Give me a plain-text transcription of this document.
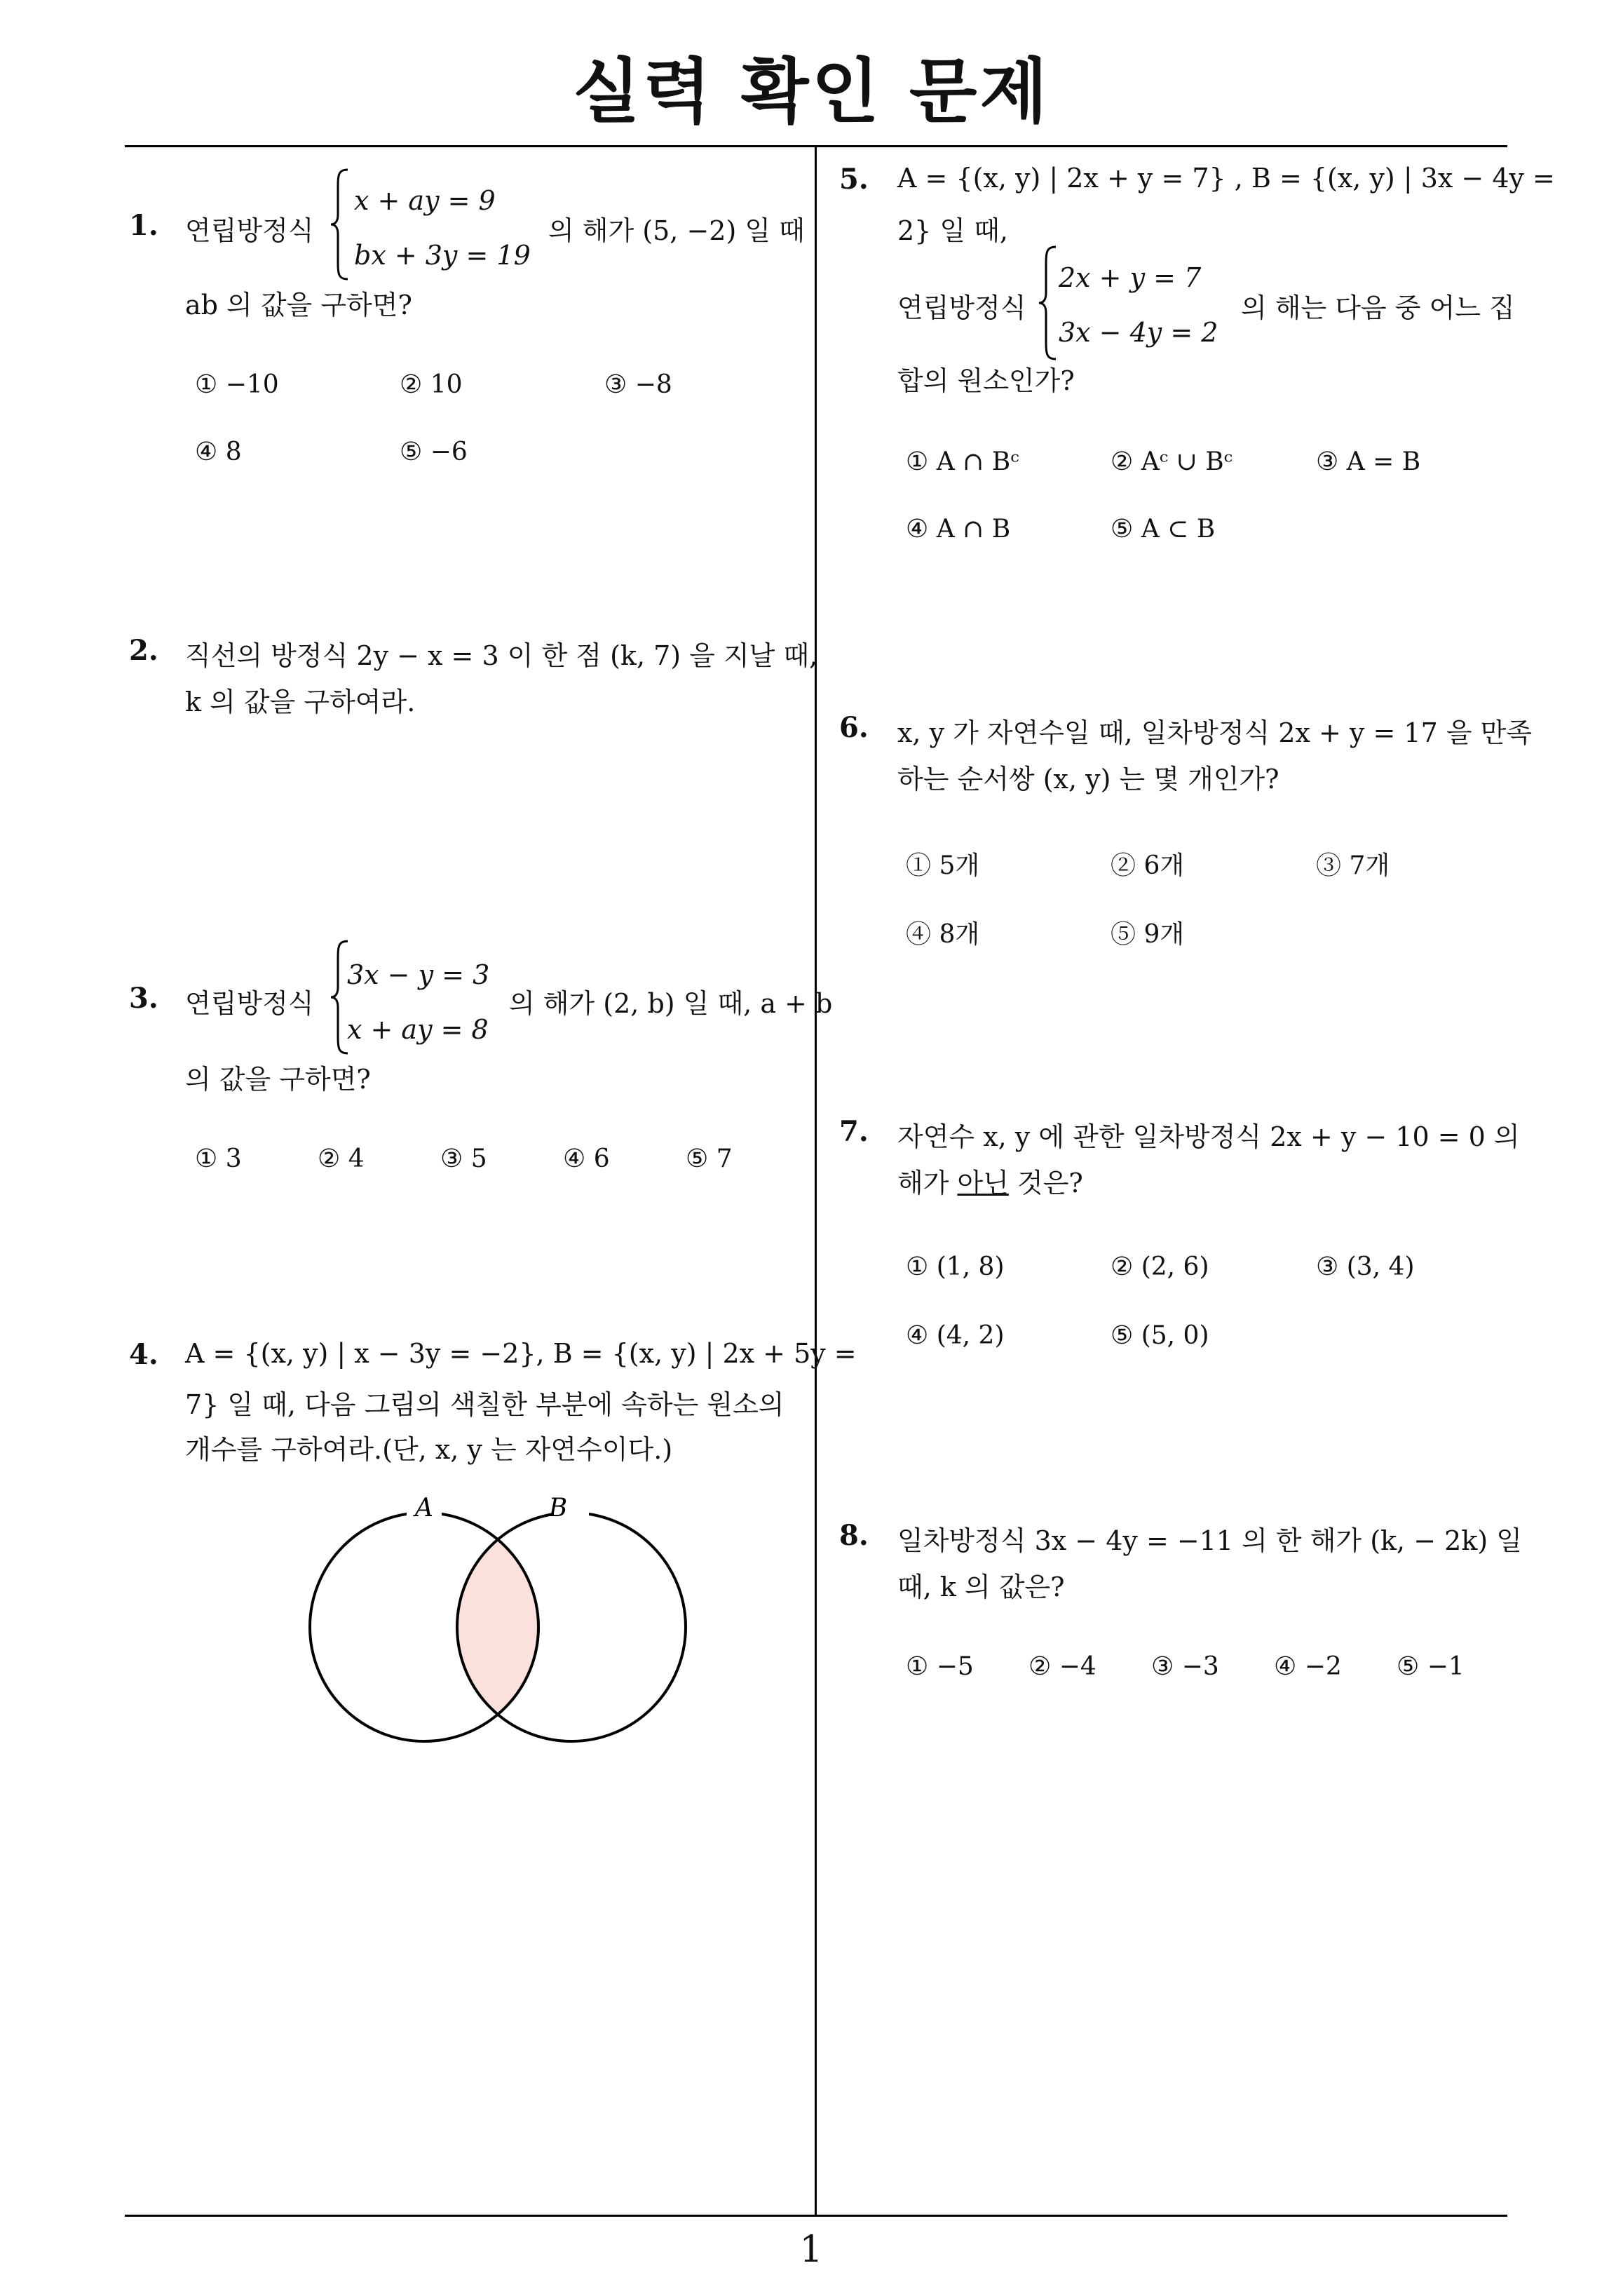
실력 확인 문제
1
1. 연립방정식
x + ay = 9
bx + 3y = 19
의 해가 (5, −2) 일 때
ab 의 값을 구하면?
① −10	② 10	③ −8
④ 8	⑤ −6
2. 직선의 방정식 2y − x = 3 이 한 점 (k, 7) 을 지날 때,
k 의 값을 구하여라.
3. 연립방정식
3x − y = 3
x + ay = 8
의 해가 (2, b) 일 때, a + b
의 값을 구하면?
① 3	② 4	③ 5	④ 6	⑤ 7
4. A = {(x, y) | x − 3y = −2}, B = {(x, y) | 2x + 5y =
7} 일 때, 다음 그림의 색칠한 부분에 속하는 원소의
개수를 구하여라.(단, x, y 는 자연수이다.)
A	B
5. A = {(x, y) | 2x + y = 7} , B = {(x, y) | 3x − 4y =
2} 일 때,
연립방정식
2x + y = 7
3x − 4y = 2
의 해는 다음 중 어느 집
합의 원소인가?
① A ∩ Bᶜ	② Aᶜ ∪ Bᶜ	③ A = B
④ A ∩ B	⑤ A ⊂ B
6. x, y 가 자연수일 때, 일차방정식 2x + y = 17 을 만족
하는 순서쌍 (x, y) 는 몇 개인가?
① 5개	② 6개	③ 7개
④ 8개	⑤ 9개
7. 자연수 x, y 에 관한 일차방정식 2x + y − 10 = 0 의
해가 아닌 것은?
① (1, 8)	② (2, 6)	③ (3, 4)
④ (4, 2)	⑤ (5, 0)
8. 일차방정식 3x − 4y = −11 의 한 해가 (k, − 2k) 일
때, k 의 값은?
① −5 ② −4 ③ −3 ④ −2 ⑤ −1
